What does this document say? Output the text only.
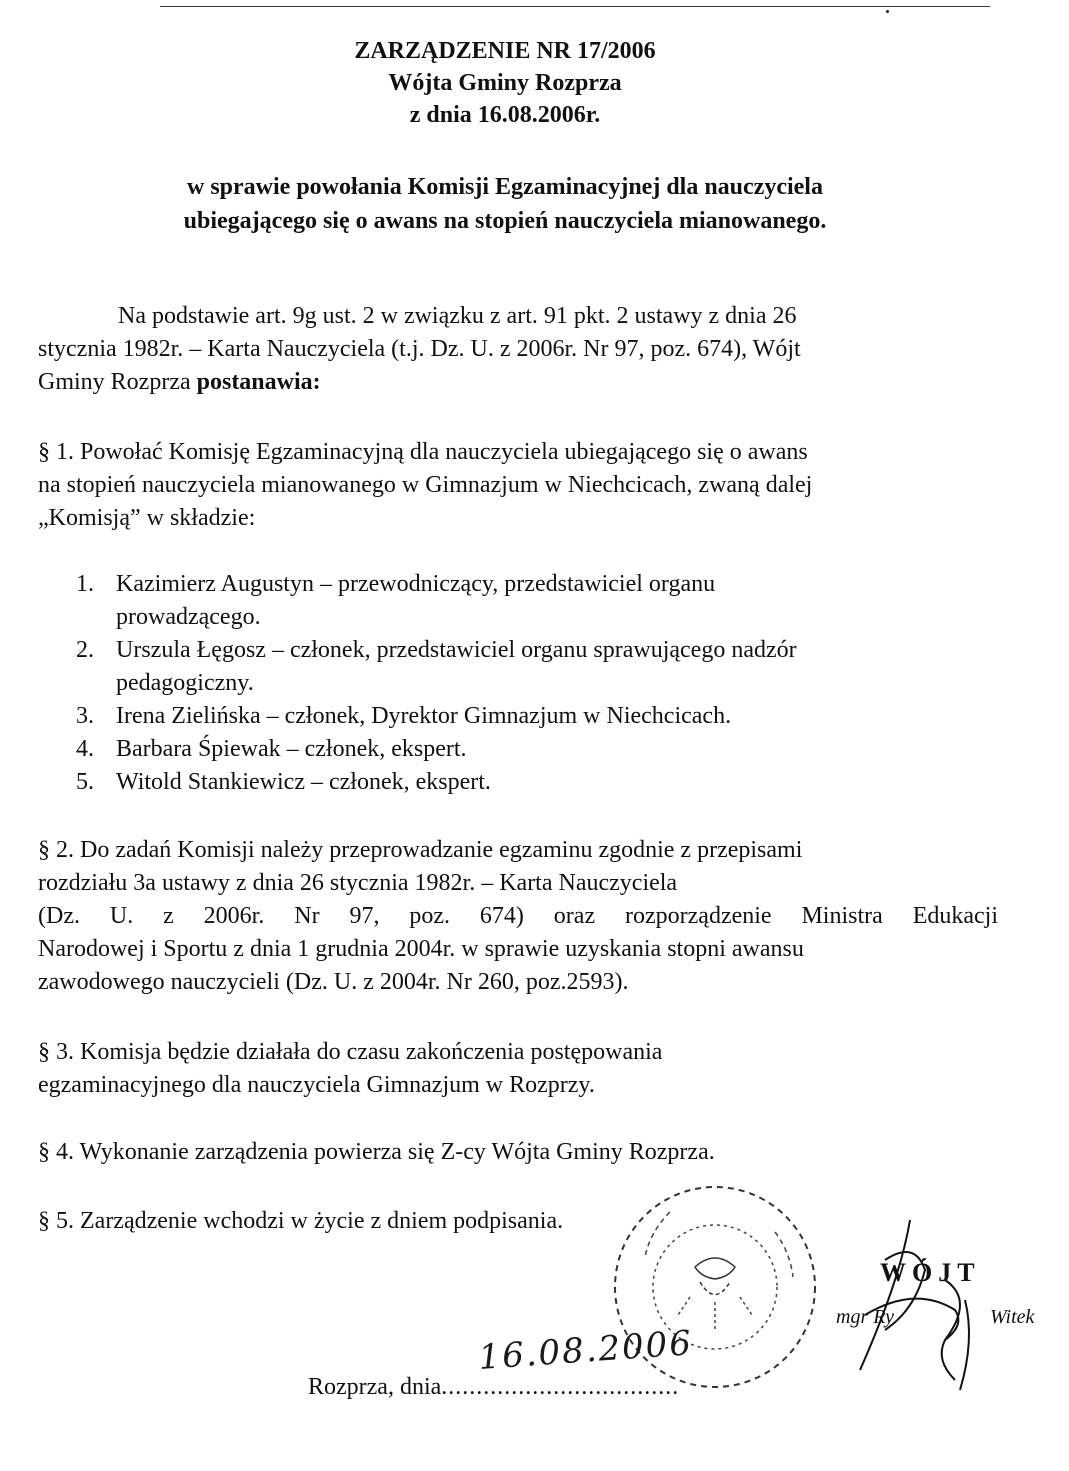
ZARZĄDZENIE NR 17/2006
Wójta Gminy Rozprza
z dnia 16.08.2006r.
w sprawie powołania Komisji Egzaminacyjnej dla nauczyciela
ubiegającego się o awans na stopień nauczyciela mianowanego.
Na podstawie art. 9g ust. 2 w związku z art. 91 pkt. 2 ustawy z dnia 26
stycznia 1982r. – Karta Nauczyciela (t.j. Dz. U. z 2006r. Nr 97, poz. 674), Wójt
Gminy Rozprza postanawia:
§ 1. Powołać Komisję Egzaminacyjną dla nauczyciela ubiegającego się o awans
na stopień nauczyciela mianowanego w Gimnazjum w Niechcicach, zwaną dalej
„Komisją” w składzie:
1. Kazimierz Augustyn – przewodniczący, przedstawiciel organu
prowadzącego.
2. Urszula Łęgosz – członek, przedstawiciel organu sprawującego nadzór
pedagogiczny.
3. Irena Zielińska – członek, Dyrektor Gimnazjum w Niechcicach.
4. Barbara Śpiewak – członek, ekspert.
5. Witold Stankiewicz – członek, ekspert.
§ 2. Do zadań Komisji należy przeprowadzanie egzaminu zgodnie z przepisami
rozdziału 3a ustawy z dnia 26 stycznia 1982r. – Karta Nauczyciela
(Dz. U. z 2006r. Nr 97, poz. 674) oraz rozporządzenie Ministra Edukacji
Narodowej i Sportu z dnia 1 grudnia 2004r. w sprawie uzyskania stopni awansu
zawodowego nauczycieli (Dz. U. z 2004r. Nr 260, poz.2593).
§ 3. Komisja będzie działała do czasu zakończenia postępowania
egzaminacyjnego dla nauczyciela Gimnazjum w Rozprzy.
§ 4. Wykonanie zarządzenia powierza się Z-cy Wójta Gminy Rozprza.
§ 5. Zarządzenie wchodzi w życie z dniem podpisania.
WÓJT
mgr Ry	Witek
Rozprza, dnia..................................
16.08.2006
